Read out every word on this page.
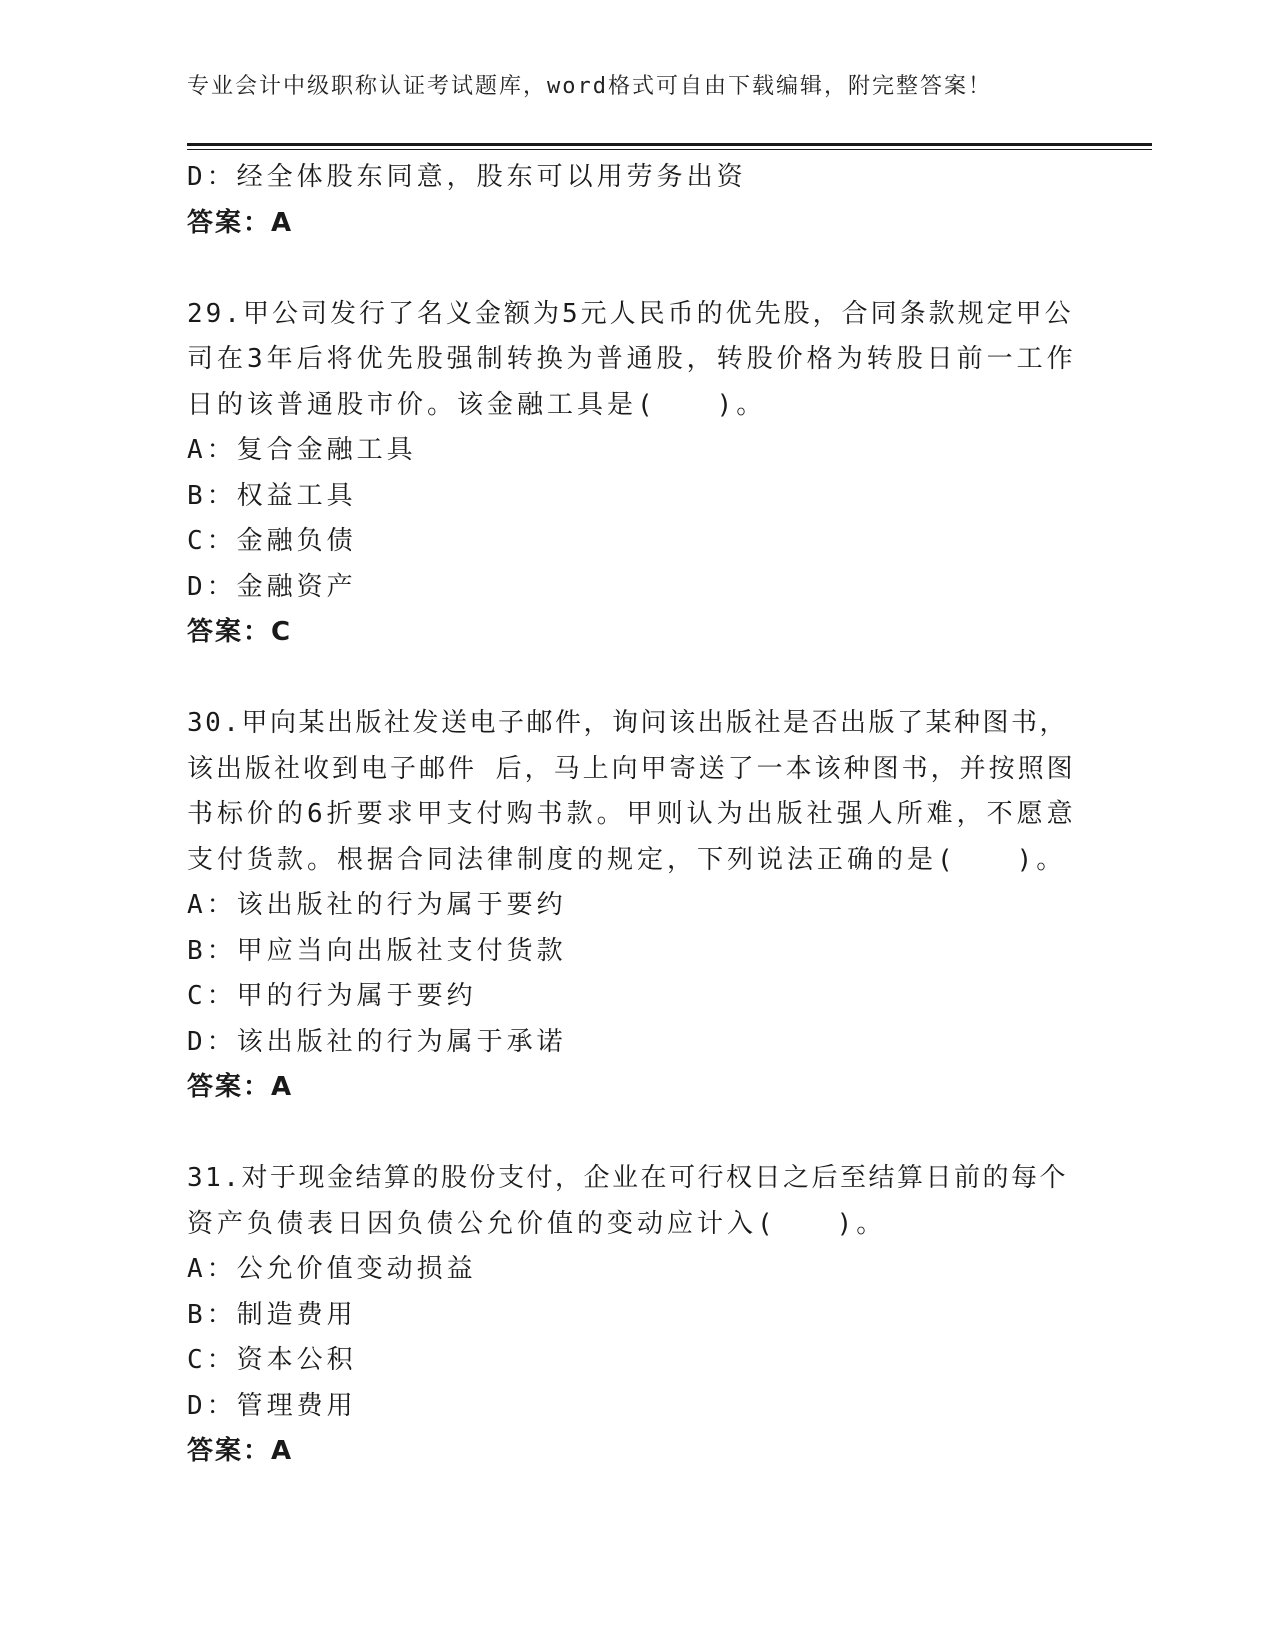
专业会计中级职称认证考试题库，word格式可自由下载编辑，附完整答案！
D：经全体股东同意，股东可以用劳务出资
答案：A
29.甲公司发行了名义金额为5元人民币的优先股，合同条款规定甲公
司在3年后将优先股强制转换为普通股，转股价格为转股日前一工作
日的该普通股市价。该金融工具是(　　)。
A：复合金融工具
B：权益工具
C：金融负债
D：金融资产
答案：C
30.甲向某出版社发送电子邮件，询问该出版社是否出版了某种图书，
该出版社收到电子邮件 后，马上向甲寄送了一本该种图书，并按照图
书标价的6折要求甲支付购书款。甲则认为出版社强人所难，不愿意
支付货款。根据合同法律制度的规定，下列说法正确的是(　　)。
A：该出版社的行为属于要约
B：甲应当向出版社支付货款
C：甲的行为属于要约
D：该出版社的行为属于承诺
答案：A
31.对于现金结算的股份支付，企业在可行权日之后至结算日前的每个
资产负债表日因负债公允价值的变动应计入(　　)。
A：公允价值变动损益
B：制造费用
C：资本公积
D：管理费用
答案：A
